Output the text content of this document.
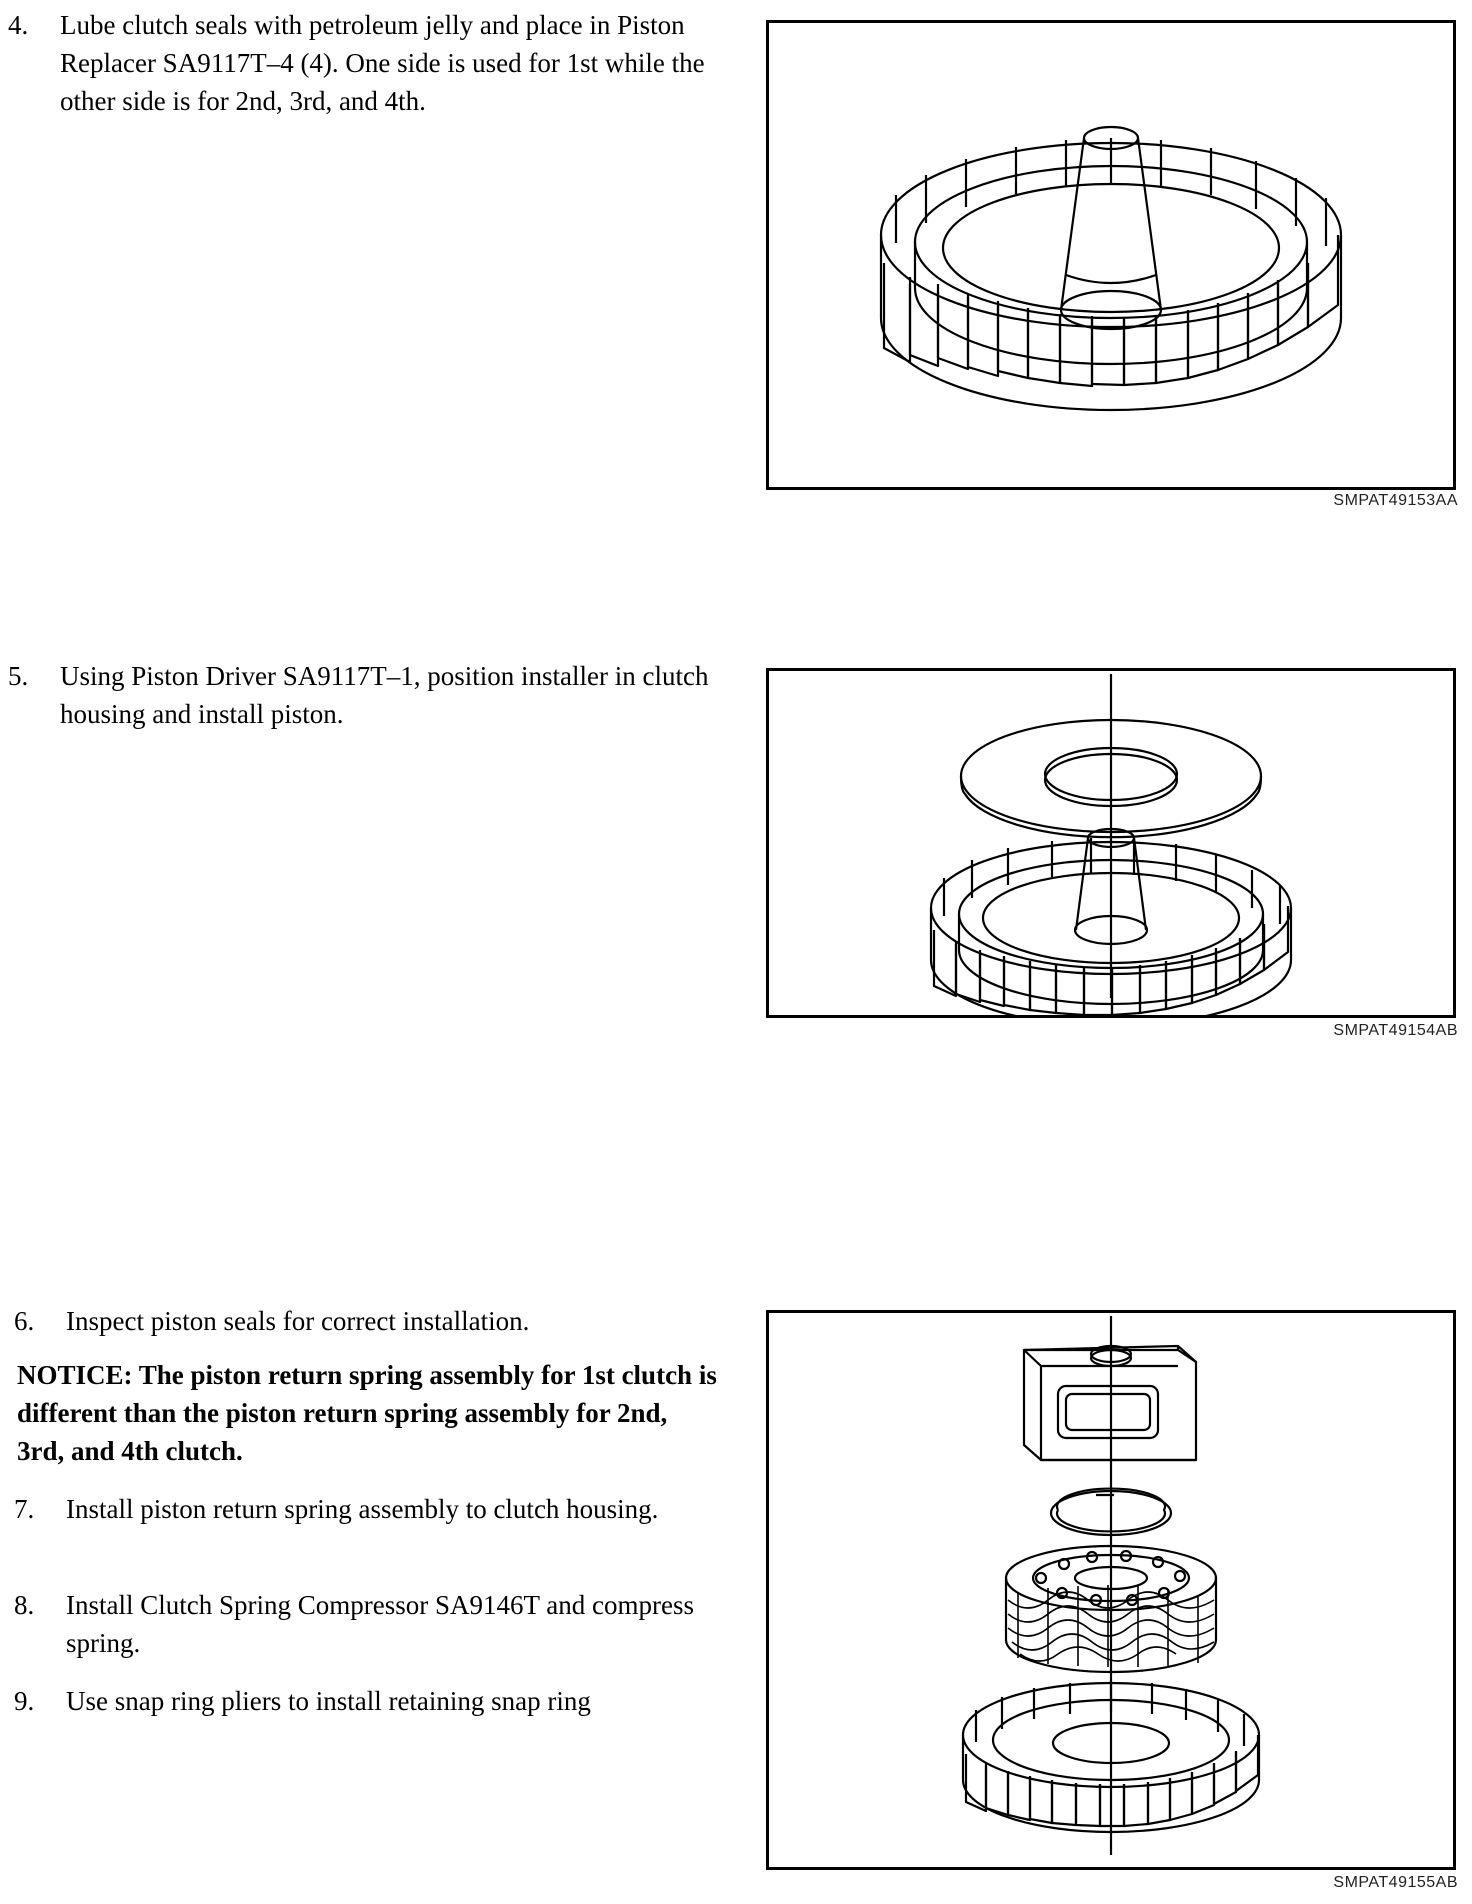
4.	Lube clutch seals with petroleum jelly and place in Piston Replacer SA9117T–4 (4). One side is used for 1st while the other side is for 2nd, 3rd, and 4th.
5.	Using Piston Driver SA9117T–1, position installer in clutch housing and install piston.
6.	Inspect piston seals for correct installation.
NOTICE: The piston return spring assembly for 1st clutch is different than the piston return spring assembly for 2nd, 3rd, and 4th clutch.
7.	Install piston return spring assembly to clutch housing.
8.	Install Clutch Spring Compressor SA9146T and compress spring.
9.	Use snap ring pliers to install retaining snap ring
SMPAT49153AA
SMPAT49154AB
SMPAT49155AB
